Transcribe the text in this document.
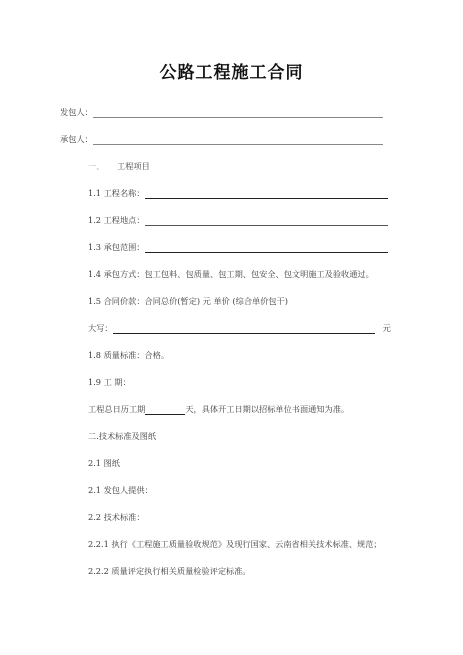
公路工程施工合同
发包人：
承包人：
一、 工程项目
1.1 工程名称：
1.2 工程地点：
1.3 承包范围：
1.4 承包方式：包工包料、包质量、包工期、包安全、包文明施工及验收通过。
1.5 合同价款：合同总价(暂定) 元 单价 (综合单价包干)
大写：	元
1.8 质量标准：合格。
1.9 工 期：
工程总日历工期	天，具体开工日期以招标单位书面通知为准。
二.技术标准及图纸
2.1 图纸
2.1 发包人提供：
2.2 技术标准：
2.2.1 执行《工程施工质量验收规范》及现行国家、云南省相关技术标准、规范；
2.2.2 质量评定执行相关质量检验评定标准。
